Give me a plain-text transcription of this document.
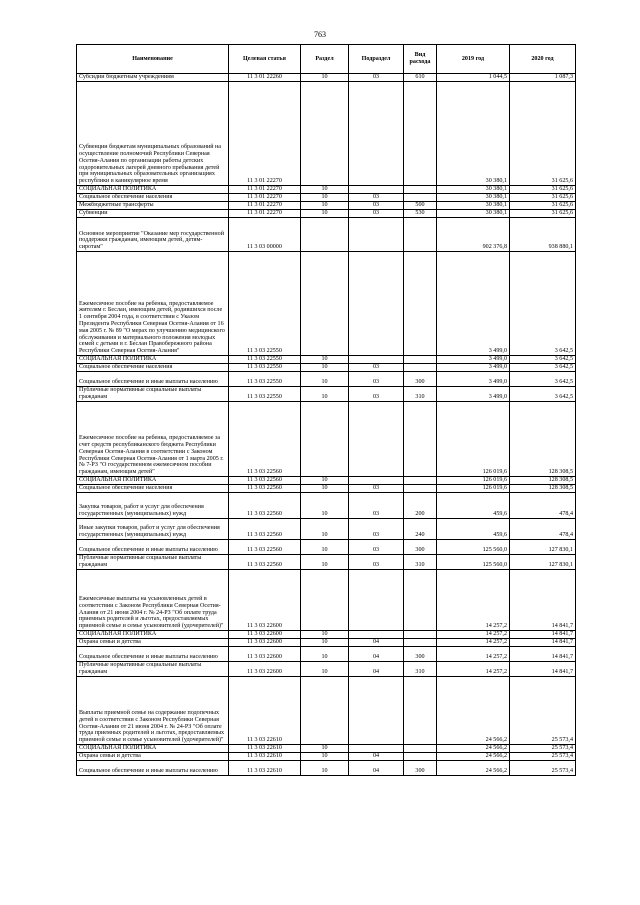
763
Наименование	Целевая статья	Раздел	Подраздел	Вид расхода	2019 год	2020 год
Субсидии бюджетным учреждениям	11 3 01 22260	10	03	610	1 044,5	1 087,3
Субвенции бюджетам муниципальных образований на осуществление полномочий Республики Северная Осетия-Алания по организации работы детских оздоровительных лагерей дневного пребывания детей при муниципальных образовательных организациях республики в каникулярное время	11 3 01 22270				30 380,1	31 625,6
СОЦИАЛЬНАЯ ПОЛИТИКА	11 3 01 22270	10			30 380,1	31 625,6
Социальное обеспечение населения	11 3 01 22270	10	03		30 380,1	31 625,6
Межбюджетные трансферты	11 3 01 22270	10	03	500	30 380,1	31 625,6
Субвенции	11 3 01 22270	10	03	530	30 380,1	31 625,6
Основное мероприятие "Оказание мер государственной поддержки гражданам, имеющим детей, детям-сиротам"	11 3 03 00000				902 376,8	938 880,1
Ежемесячное пособие на ребенка, предоставляемое жителям г. Беслан, имеющим детей, родившихся после 1 сентября 2004 года, в соответствии с Указом Президента Республики Северная Осетия-Алания от 16 мая 2005 г. № 89 "О мерах по улучшению медицинского обслуживания и материального положения молодых семей с детьми в г. Беслан Правобережного района Республики Северная Осетия-Алания"	11 3 03 22550				3 499,0	3 642,5
СОЦИАЛЬНАЯ ПОЛИТИКА	11 3 03 22550	10			3 499,0	3 642,5
Социальное обеспечение населения	11 3 03 22550	10	03		3 499,0	3 642,5
Социальное обеспечение и иные выплаты населению	11 3 03 22550	10	03	300	3 499,0	3 642,5
Публичные нормативные социальные выплаты гражданам	11 3 03 22550	10	03	310	3 499,0	3 642,5
Ежемесячное пособие на ребенка, предоставляемое за счет средств республиканского бюджета Республики Северная Осетия-Алания в соответствии с Законом Республики Северная Осетия-Алания от 1 марта 2005 г. № 7-РЗ "О государственном ежемесячном пособии гражданам, имеющим детей"	11 3 03 22560				126 019,6	128 308,5
СОЦИАЛЬНАЯ ПОЛИТИКА	11 3 03 22560	10			126 019,6	128 308,5
Социальное обеспечение населения	11 3 03 22560	10	03		126 019,6	128 308,5
Закупка товаров, работ и услуг для обеспечения государственных (муниципальных) нужд	11 3 03 22560	10	03	200	459,6	478,4
Иные закупки товаров, работ и услуг для обеспечения государственных (муниципальных) нужд	11 3 03 22560	10	03	240	459,6	478,4
Социальное обеспечение и иные выплаты населению	11 3 03 22560	10	03	300	125 560,0	127 830,1
Публичные нормативные социальные выплаты гражданам	11 3 03 22560	10	03	310	125 560,0	127 830,1
Ежемесячные выплаты на усыновленных детей в соответствии с Законом Республики Северная Осетия-Алания от 21 июня 2004 г. № 24-РЗ "Об оплате труда приемных родителей и льготах, предоставляемых приемной семье и семье усыновителей (удочерителей)"	11 3 03 22600				14 257,2	14 841,7
СОЦИАЛЬНАЯ ПОЛИТИКА	11 3 03 22600	10			14 257,2	14 841,7
Охрана семьи и детства	11 3 03 22600	10	04		14 257,2	14 841,7
Социальное обеспечение и иные выплаты населению	11 3 03 22600	10	04	300	14 257,2	14 841,7
Публичные нормативные социальные выплаты гражданам	11 3 03 22600	10	04	310	14 257,2	14 841,7
Выплаты приемной семье на содержание подопечных детей в соответствии с Законом Республики Северная Осетия-Алания от 21 июня 2004 г. № 24-РЗ "Об оплате труда приемных родителей и льготах, предоставляемых приемной семье и семье усыновителей (удочерителей)"	11 3 03 22610				24 566,2	25 573,4
СОЦИАЛЬНАЯ ПОЛИТИКА	11 3 03 22610	10			24 566,2	25 573,4
Охрана семьи и детства	11 3 03 22610	10	04		24 566,2	25 573,4
Социальное обеспечение и иные выплаты населению	11 3 03 22610	10	04	300	24 566,2	25 573,4
